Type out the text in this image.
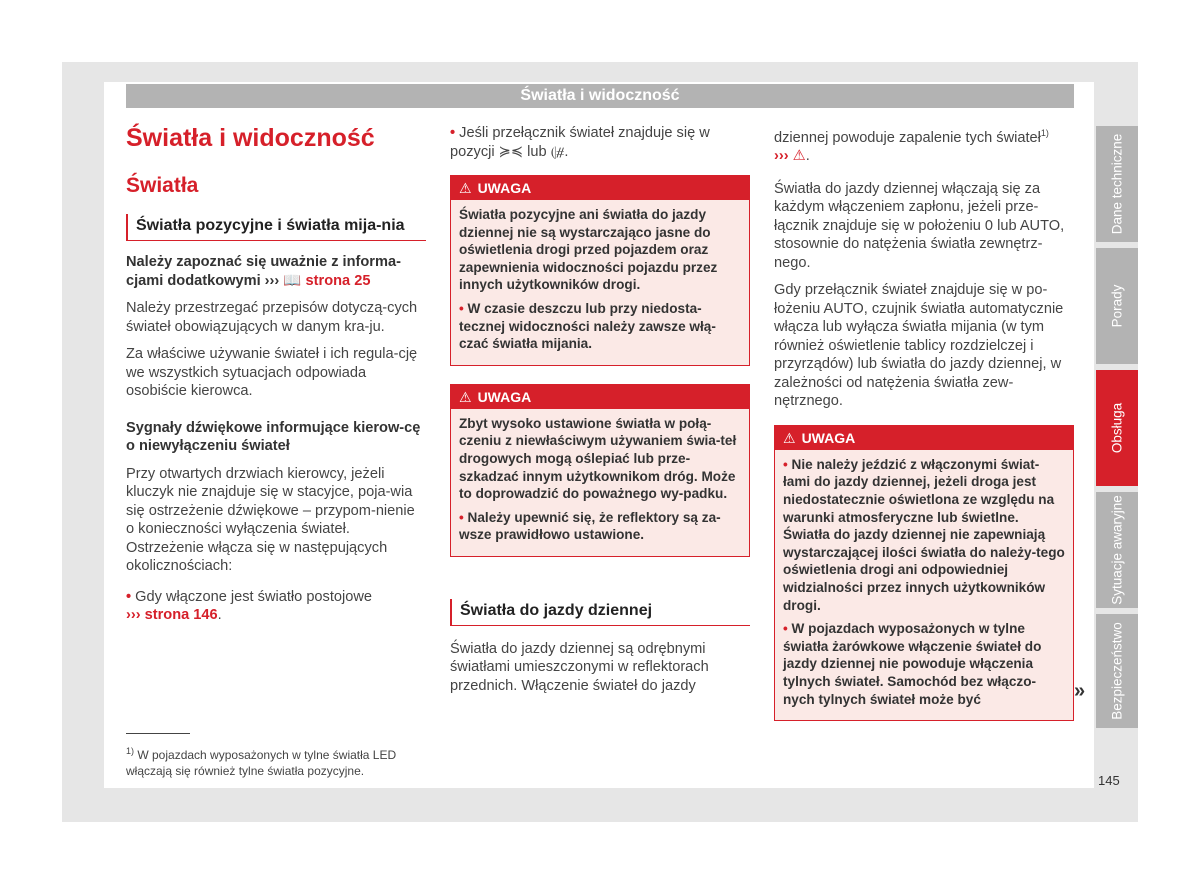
Światła i widoczność
Światła i widoczność
Światła
Światła pozycyjne i światła mija-nia

Należy zapoznać się uważnie z informa-cjami dodatkowymi ››› 📖 strona 25

Należy przestrzegać przepisów dotyczą-cych świateł obowiązujących w danym kra-ju.

Za właściwe używanie świateł i ich regula-cję we wszystkich sytuacjach odpowiada osobiście kierowca.

Sygnały dźwiękowe informujące kierow-cę o niewyłączeniu świateł

Przy otwartych drzwiach kierowcy, jeżeli kluczyk nie znajduje się w stacyjce, poja-wia się ostrzeżenie dźwiękowe – przypom-nienie o konieczności wyłączenia świateł. Ostrzeżenie włącza się w następujących okolicznościach:

• Gdy włączone jest światło postojowe
››› strona 146.

$^{1)}$ W pojazdach wyposażonych w tylne światła LED włączają się również tylne światła pozycyjne.

• Jeśli przełącznik świateł znajduje się w pozycji ≽≼ lub ⦇⧣.

⚠ UWAGA

Światła pozycyjne ani światła do jazdy dziennej nie są wystarczająco jasne do oświetlenia drogi przed pojazdem oraz zapewnienia widoczności pojazdu przez innych użytkowników drogi.

• W czasie deszczu lub przy niedosta-tecznej widoczności należy zawsze włą-czać światła mijania.

⚠ UWAGA

Zbyt wysoko ustawione światła w połą-czeniu z niewłaściwym używaniem świa-teł drogowych mogą oślepiać lub prze-szkadzać innym użytkownikom dróg. Może to doprowadzić do poważnego wy-padku.

• Należy upewnić się, że reflektory są za-wsze prawidłowo ustawione.

Światła do jazdy dziennej

Światła do jazdy dziennej są odrębnymi światłami umieszczonymi w reflektorach przednich. Włączenie świateł do jazdy

dziennej powoduje zapalenie tych świateł$^{1)}$
››› ⚠.

Światła do jazdy dziennej włączają się za każdym włączeniem zapłonu, jeżeli prze-łącznik znajduje się w położeniu 0 lub AUTO, stosownie do natężenia światła zewnętrz-nego.

Gdy przełącznik świateł znajduje się w po-łożeniu AUTO, czujnik światła automatycznie włącza lub wyłącza światła mijania (w tym również oświetlenie tablicy rozdzielczej i przyrządów) lub światła do jazdy dziennej, w zależności od natężenia światła zew-nętrznego.

⚠ UWAGA

• Nie należy jeździć z włączonymi świat-łami do jazdy dziennej, jeżeli droga jest niedostatecznie oświetlona ze względu na warunki atmosferyczne lub świetlne. Światła do jazdy dziennej nie zapewniają wystarczającej ilości światła do należy-tego oświetlenia drogi ani odpowiedniej widzialności przez innych użytkowników drogi.

• W pojazdach wyposażonych w tylne światła żarówkowe włączenie świateł do jazdy dziennej nie powoduje włączenia tylnych świateł. Samochód bez włączo-nych tylnych świateł może być	»
Dane techniczne
Porady
Obsługa
Sytuacje awaryjne
Bezpieczeństwo
145
